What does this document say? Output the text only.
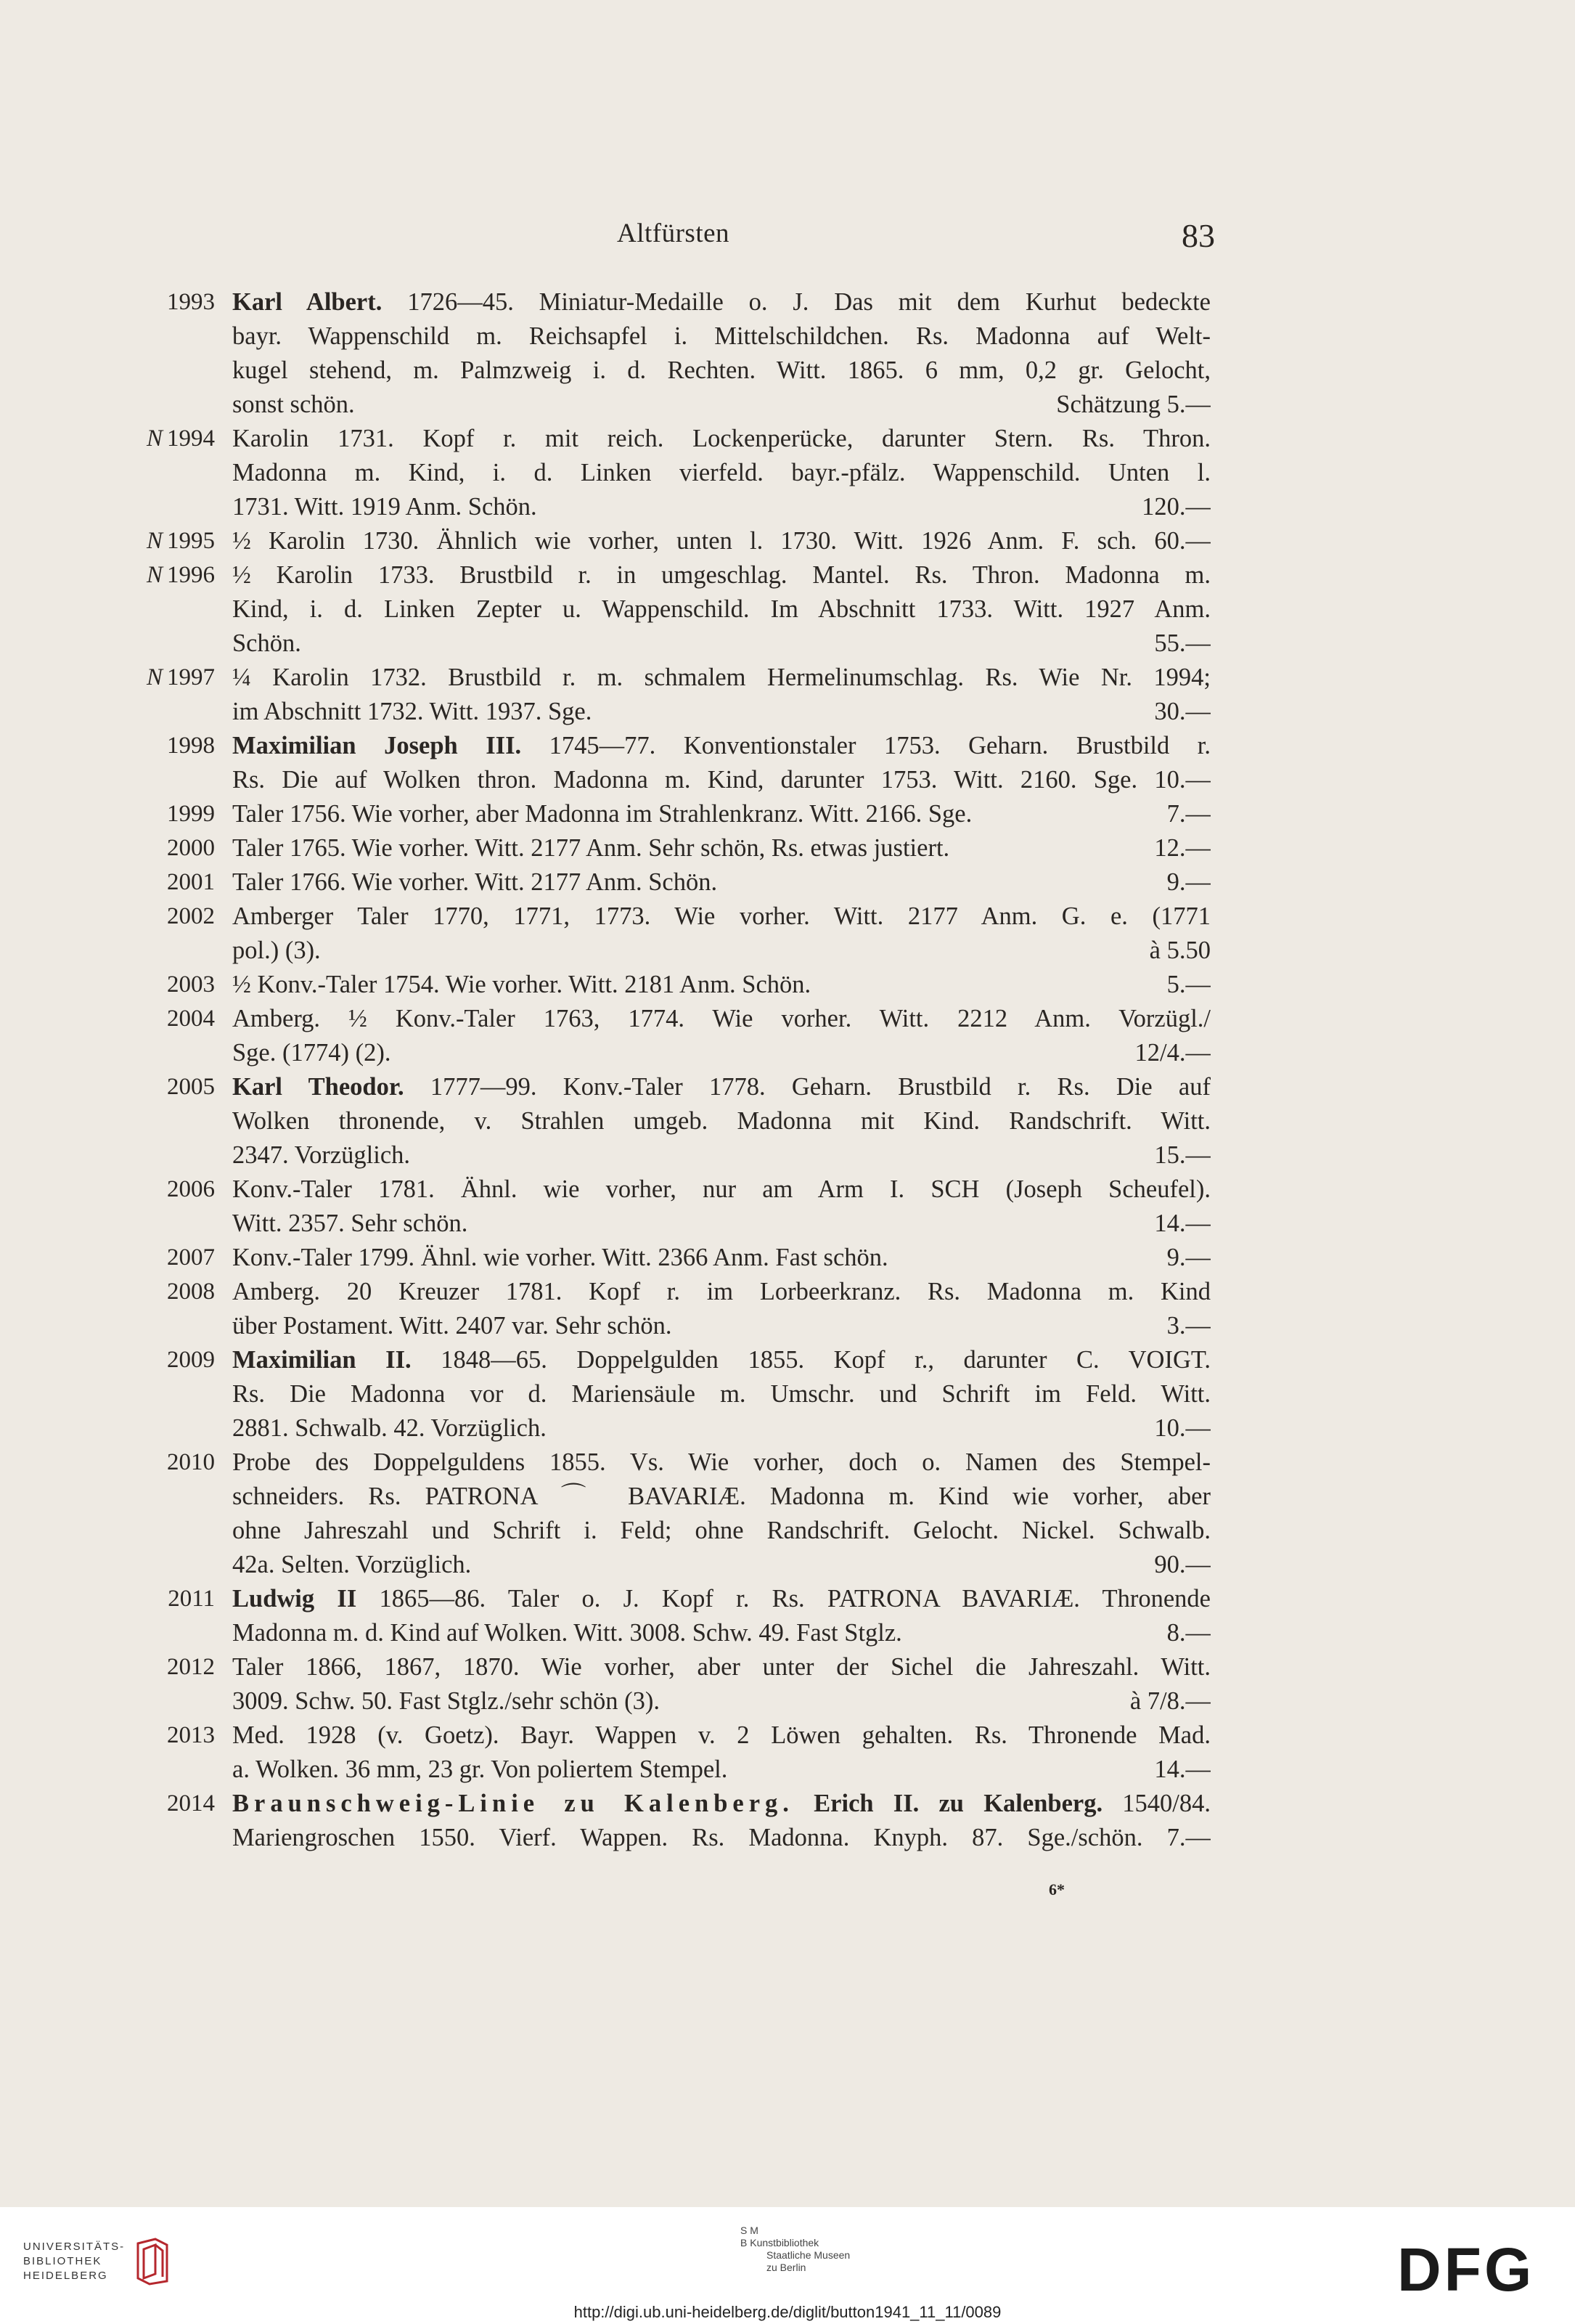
Altfürsten	83
1993 Karl Albert. 1726—45. Miniatur-Medaille o. J. Das mit dem Kurhut bedeckte
bayr. Wappenschild m. Reichsapfel i. Mittelschildchen. Rs. Madonna auf Welt-
kugel stehend, m. Palmzweig i. d. Rechten. Witt. 1865. 6 mm, 0,2 gr. Gelocht,
sonst schön.	Schätzung 5.—
N 1994 Karolin 1731. Kopf r. mit reich. Lockenperücke, darunter Stern. Rs. Thron.
Madonna m. Kind, i. d. Linken vierfeld. bayr.-pfälz. Wappenschild. Unten l.
1731. Witt. 1919 Anm. Schön.	120.—
N 1995 ½ Karolin 1730. Ähnlich wie vorher, unten l. 1730. Witt. 1926 Anm. F. sch. 60.—
N 1996 ½ Karolin 1733. Brustbild r. in umgeschlag. Mantel. Rs. Thron. Madonna m.
Kind, i. d. Linken Zepter u. Wappenschild. Im Abschnitt 1733. Witt. 1927 Anm.
Schön.	55.—
N 1997 ¼ Karolin 1732. Brustbild r. m. schmalem Hermelinumschlag. Rs. Wie Nr. 1994;
im Abschnitt 1732. Witt. 1937. Sge.	30.—
1998 Maximilian Joseph III. 1745—77. Konventionstaler 1753. Geharn. Brustbild r.
Rs. Die auf Wolken thron. Madonna m. Kind, darunter 1753. Witt. 2160. Sge. 10.—
1999 Taler 1756. Wie vorher, aber Madonna im Strahlenkranz. Witt. 2166. Sge.	7.—
2000 Taler 1765. Wie vorher. Witt. 2177 Anm. Sehr schön, Rs. etwas justiert.	12.—
2001 Taler 1766. Wie vorher. Witt. 2177 Anm. Schön.	9.—
2002 Amberger Taler 1770, 1771, 1773. Wie vorher. Witt. 2177 Anm. G. e. (1771
pol.) (3).	à 5.50
2003 ½ Konv.-Taler 1754. Wie vorher. Witt. 2181 Anm. Schön.	5.—
2004 Amberg. ½ Konv.-Taler 1763, 1774. Wie vorher. Witt. 2212 Anm. Vorzügl./
Sge. (1774) (2).	12/4.—
2005 Karl Theodor. 1777—99. Konv.-Taler 1778. Geharn. Brustbild r. Rs. Die auf
Wolken thronende, v. Strahlen umgeb. Madonna mit Kind. Randschrift. Witt.
2347. Vorzüglich.	15.—
2006 Konv.-Taler 1781. Ähnl. wie vorher, nur am Arm I. SCH (Joseph Scheufel).
Witt. 2357. Sehr schön.	14.—
2007 Konv.-Taler 1799. Ähnl. wie vorher. Witt. 2366 Anm. Fast schön.	9.—
2008 Amberg. 20 Kreuzer 1781. Kopf r. im Lorbeerkranz. Rs. Madonna m. Kind
über Postament. Witt. 2407 var. Sehr schön.	3.—
2009 Maximilian II. 1848—65. Doppelgulden 1855. Kopf r., darunter C. VOIGT.
Rs. Die Madonna vor d. Mariensäule m. Umschr. und Schrift im Feld. Witt.
2881. Schwalb. 42. Vorzüglich.	10.—
2010 Probe des Doppelguldens 1855. Vs. Wie vorher, doch o. Namen des Stempel-
schneiders. Rs. PATRONA ⌒ BAVARIÆ. Madonna m. Kind wie vorher, aber
ohne Jahreszahl und Schrift i. Feld; ohne Randschrift. Gelocht. Nickel. Schwalb.
42a. Selten. Vorzüglich.	90.—
2011 Ludwig II 1865—86. Taler o. J. Kopf r. Rs. PATRONA BAVARIÆ. Thronende
Madonna m. d. Kind auf Wolken. Witt. 3008. Schw. 49. Fast Stglz.	8.—
2012 Taler 1866, 1867, 1870. Wie vorher, aber unter der Sichel die Jahreszahl. Witt.
3009. Schw. 50. Fast Stglz./sehr schön (3).	à 7/8.—
2013 Med. 1928 (v. Goetz). Bayr. Wappen v. 2 Löwen gehalten. Rs. Thronende Mad.
a. Wolken. 36 mm, 23 gr. Von poliertem Stempel.	14.—
2014 Braunschweig-Linie zu Kalenberg. Erich II. zu Kalenberg. 1540/84.
Mariengroschen 1550. Vierf. Wappen. Rs. Madonna. Knyph. 87. Sge./schön. 7.—
6*
UNIVERSITÄTS-
BIBLIOTHEK
HEIDELBERG
S M
B Kunstbibliothek
Staatliche Museen
zu Berlin
http://digi.ub.uni-heidelberg.de/diglit/button1941_11_11/0089
DFG
